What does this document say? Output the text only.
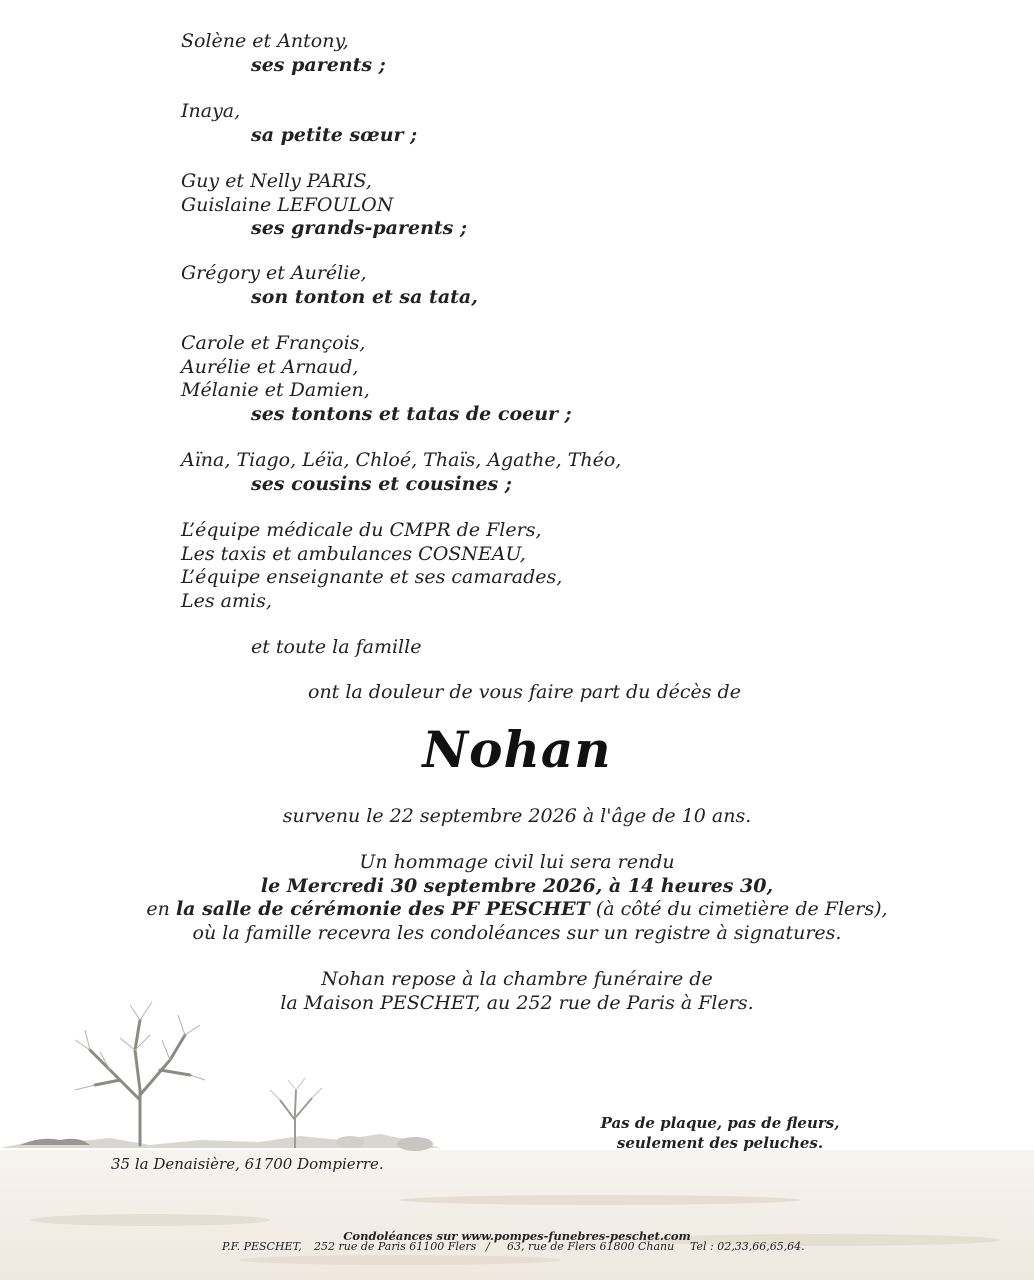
Solène et Antony,
ses parents ;
Inaya,
sa petite sœur ;
Guy et Nelly PARIS,
Guislaine LEFOULON
ses grands-parents ;
Grégory et Aurélie,
son tonton et sa tata,
Carole et François,
Aurélie et Arnaud,
Mélanie et Damien,
ses tontons et tatas de coeur ;
Aïna, Tiago, Léïa, Chloé, Thaïs, Agathe, Théo,
ses cousins et cousines ;
L’équipe médicale du CMPR de Flers,
Les taxis et ambulances COSNEAU,
L’équipe enseignante et ses camarades,
Les amis,
et toute la famille
ont la douleur de vous faire part du décès de
Nohan
survenu le 22 septembre 2026 à l'âge de 10 ans.
Un hommage civil lui sera rendu
le Mercredi 30 septembre 2026, à 14 heures 30,
en la salle de cérémonie des PF PESCHET (à côté du cimetière de Flers),
où la famille recevra les condoléances sur un registre à signatures.
Nohan repose à la chambre funéraire de
la Maison PESCHET, au 252 rue de Paris à Flers.
Pas de plaque, pas de fleurs,
seulement des peluches.
35 la Denaisière, 61700 Dompierre.
Condoléances sur www.pompes-funebres-peschet.com
P.F. PESCHET, 252 rue de Paris 61100 Flers / 63, rue de Flers 61800 Chanu Tel : 02,33,66,65,64.
